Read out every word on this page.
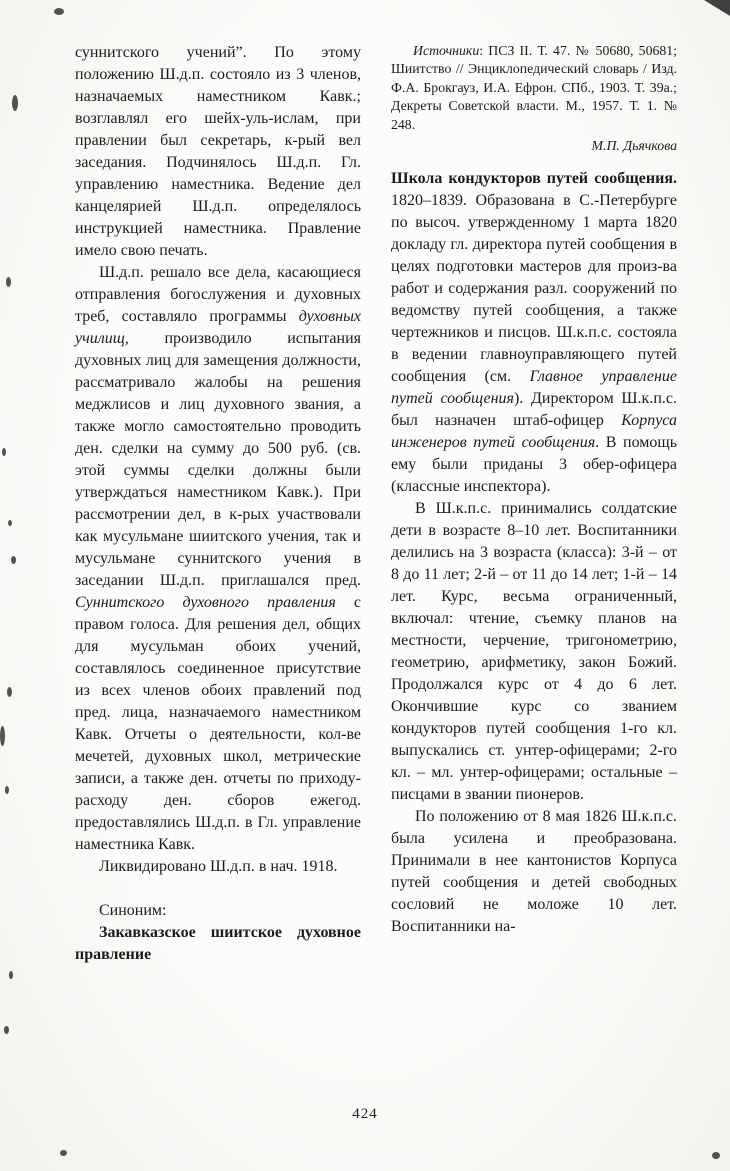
суннитского учений”. По этому положению Ш.д.п. состояло из 3 членов, назначаемых наместником Кавк.; возглавлял его шейх-уль-ислам, при правлении был секретарь, к-рый вел заседания. Подчинялось Ш.д.п. Гл. управлению наместника. Ведение дел канцелярией Ш.д.п. определялось инструкцией наместника. Правление имело свою печать.

Ш.д.п. решало все дела, касающиеся отправления богослужения и духовных треб, составляло программы духовных училищ, производило испытания духовных лиц для замещения должности, рассматривало жалобы на решения меджлисов и лиц духовного звания, а также могло самостоятельно проводить ден. сделки на сумму до 500 руб. (св. этой суммы сделки должны были утверждаться наместником Кавк.). При рассмотрении дел, в к-рых участвовали как мусульмане шиитского учения, так и мусульмане суннитского учения в заседании Ш.д.п. приглашался пред. Суннитского духовного правления с правом голоса. Для решения дел, общих для мусульман обоих учений, составлялось соединенное присутствие из всех членов обоих правлений под пред. лица, назначаемого наместником Кавк. Отчеты о деятельности, кол-ве мечетей, духовных школ, метрические записи, а также ден. отчеты по приходу-расходу ден. сборов ежегод. предоставлялись Ш.д.п. в Гл. управление наместника Кавк.

Ликвидировано Ш.д.п. в нач. 1918.

Синоним:

Закавказское шиитское духовное правление

Источники: ПСЗ II. Т. 47. № 50680, 50681; Шиитство // Энциклопедический словарь / Изд. Ф.А. Брокгауз, И.А. Ефрон. СПб., 1903. Т. 39а.; Декреты Советской власти. М., 1957. Т. 1. № 248.

М.П. Дьячкова

Школа кондукторов путей сообщения. 1820–1839. Образована в С.-Петербурге по высоч. утвержденному 1 марта 1820 докладу гл. директора путей сообщения в целях подготовки мастеров для произ-ва работ и содержания разл. сооружений по ведомству путей сообщения, а также чертежников и писцов. Ш.к.п.с. состояла в ведении главноуправляющего путей сообщения (см. Главное управление путей сообщения). Директором Ш.к.п.с. был назначен штаб-офицер Корпуса инженеров путей сообщения. В помощь ему были приданы 3 обер-офицера (классные инспектора).

В Ш.к.п.с. принимались солдатские дети в возрасте 8–10 лет. Воспитанники делились на 3 возраста (класса): 3-й – от 8 до 11 лет; 2-й – от 11 до 14 лет; 1-й – 14 лет. Курс, весьма ограниченный, включал: чтение, съемку планов на местности, черчение, тригонометрию, геометрию, арифметику, закон Божий. Продолжался курс от 4 до 6 лет. Окончившие курс со званием кондукторов путей сообщения 1-го кл. выпускались ст. унтер-офицерами; 2-го кл. – мл. унтер-офицерами; остальные – писцами в звании пионеров.

По положению от 8 мая 1826 Ш.к.п.с. была усилена и преобразована. Принимали в нее кантонистов Корпуса путей сообщения и детей свободных сословий не моложе 10 лет. Воспитанники на-

424
